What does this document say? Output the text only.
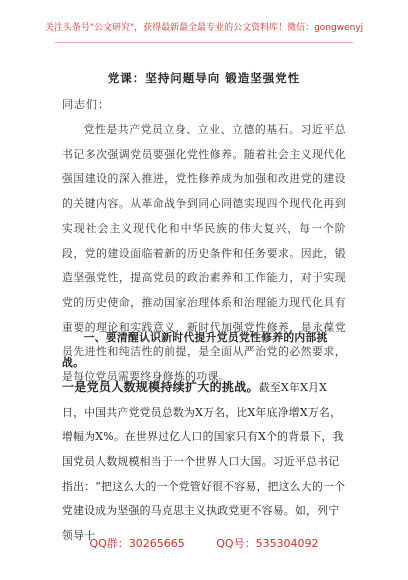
关注头条号"公文研究"，获得最新最全最专业的公文资料库！微信：gongwenyj
党课：坚持问题导向 锻造坚强党性
同志们：
党性是共产党员立身、立业、立德的基石。习近平总书记多次强调党员要强化党性修养。随着社会主义现代化强国建设的深入推进，党性修养成为加强和改进党的建设的关键内容。从革命战争到同心同德实现四个现代化再到实现社会主义现代化和中华民族的伟大复兴，每一个阶段，党的建设面临着新的历史条件和任务要求。因此，锻造坚强党性，提高党员的政治素养和工作能力，对于实现党的历史使命，推动国家治理体系和治理能力现代化具有重要的理论和实践意义，新时代加强党性修养，是永葆党员先进性和纯洁性的前提，是全面从严治党的必然要求，是每位党员需要终身修炼的功课。
一、要清醒认识新时代提升党员党性修养的内部挑战。
一是党员人数规模持续扩大的挑战。截至X年X月X日，中国共产党党员总数为X万名，比X年底净增X万名，增幅为X%。在世界过亿人口的国家只有X个的背景下，我国党员人数规模相当于一个世界人口大国。习近平总书记指出：“把这么大的一个党管好很不容易，把这么大的一个党建设成为坚强的马克思主义执政党更不容易。如，列宁领导十
QQ群：30265665	QQ号：535304092
